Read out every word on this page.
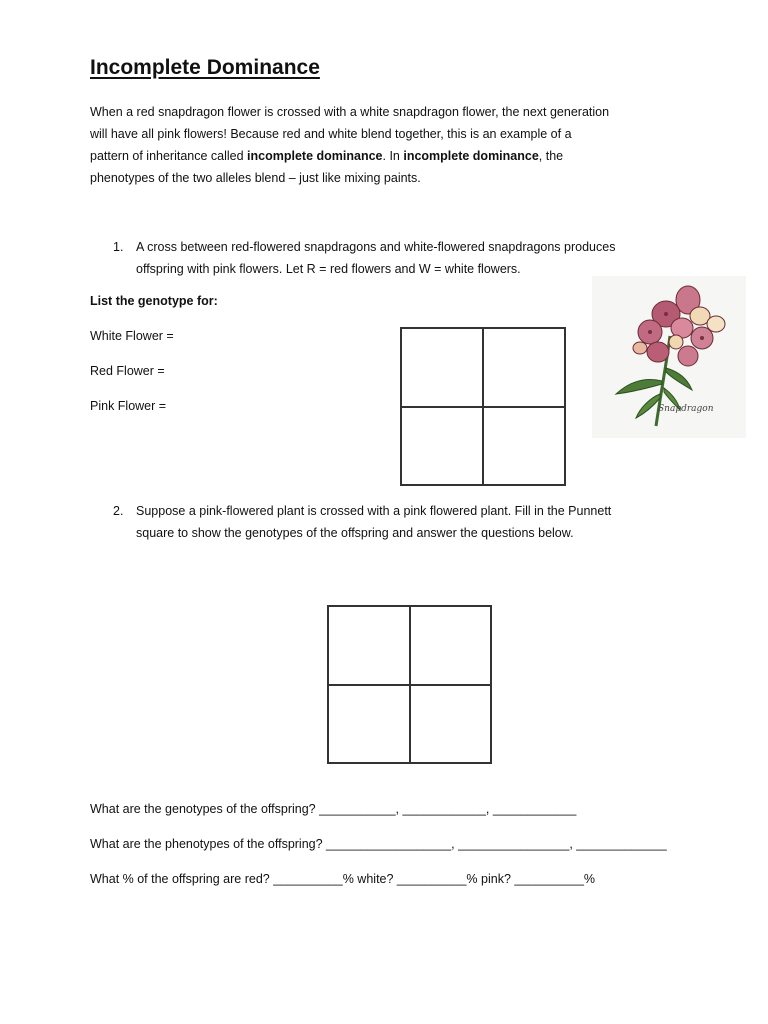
Incomplete Dominance

When a red snapdragon flower is crossed with a white snapdragon flower, the next generation

will have all pink flowers! Because red and white blend together, this is an example of a

pattern of inheritance called incomplete dominance. In incomplete dominance, the

phenotypes of the two alleles blend – just like mixing paints.

1.	A cross between red-flowered snapdragons and white-flowered snapdragons produces
offspring with pink flowers. Let R = red flowers and W = white flowers.
List the genotype for:
White Flower =
Red Flower =
Pink Flower =	Snapdragon
2.	Suppose a pink-flowered plant is crossed with a pink flowered plant. Fill in the Punnett
square to show the genotypes of the offspring and answer the questions below.
What are the genotypes of the offspring? ___________, ____________, ____________
What are the phenotypes of the offspring? __________________, ________________, _____________
What % of the offspring are red? __________% white? __________% pink? __________%
